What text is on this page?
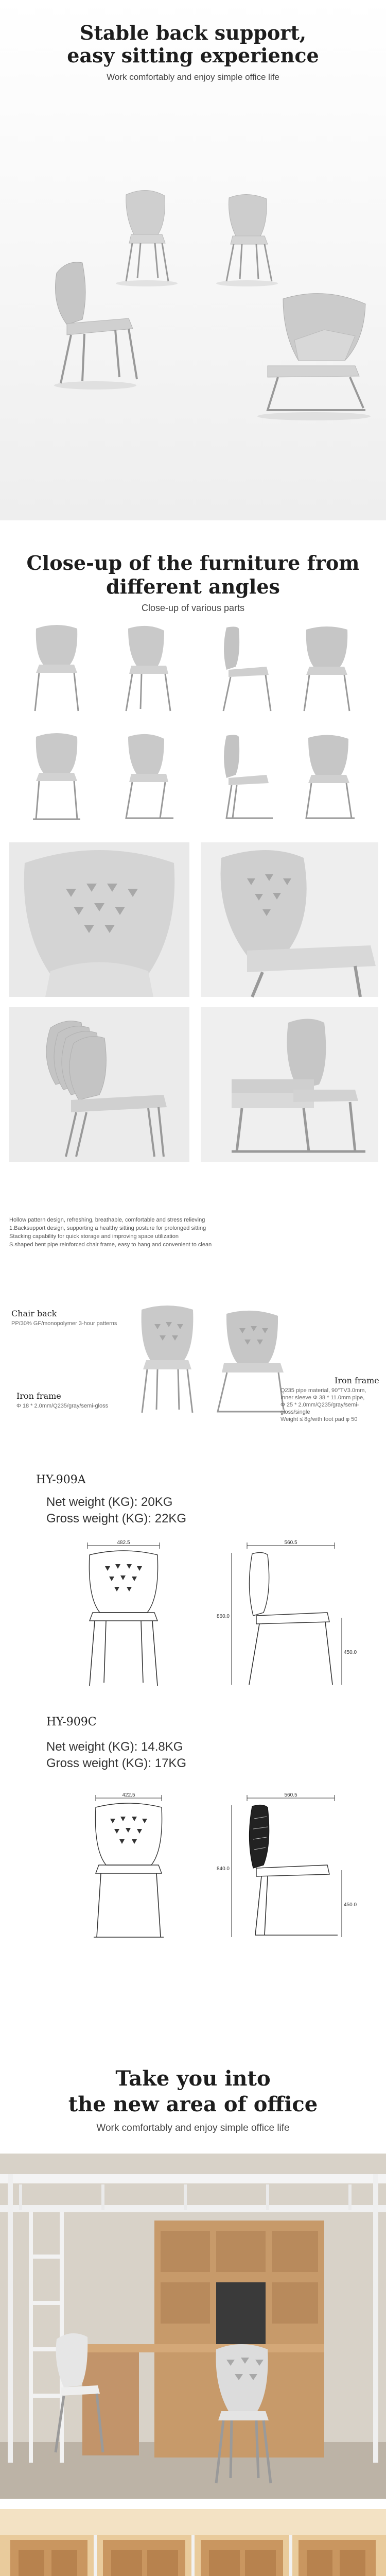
Stable back support,
easy sitting experience

Work comfortably and enjoy simple office life

Close-up of the furniture from
different angles

Close-up of various parts

Hollow pattern design, refreshing, breathable, comfortable and stress relieving
1.Backsupport design, supporting a healthy sitting posture for prolonged sitting
Stacking capability for quick storage and improving space utilization
S.shaped bent pipe reinforced chair frame, easy to hang and convenient to clean
Chair back
PP/30% GF/monopolymer 3-hour patterns
Iron frame
Φ 18 * 2.0mm/Q235/gray/semi-gloss
Iron frame
Q235 pipe material, 90°TV3.0mm,
Inner sleeve Φ 38 * 11.0mm pipe,
Φ 25 * 2.0mm/Q235/gray/semi-gloss/single
Weight ≤ 8g/with foot pad φ 50
HY-909A
Net weight (KG): 20KG
Gross weight (KG): 22KG
482.5	560.5
860.0
450.0
HY-909C
Net weight (KG): 14.8KG
Gross weight (KG): 17KG
422.5	560.5
840.0
450.0
Take you into
the new area of office

Work comfortably and enjoy simple office life
